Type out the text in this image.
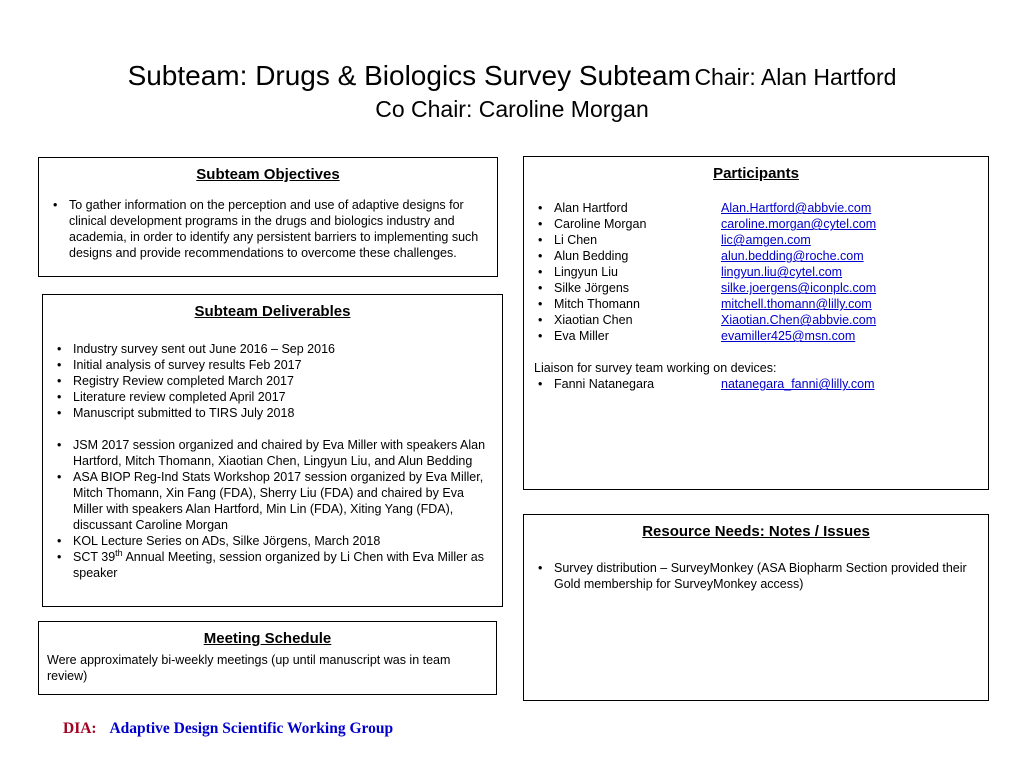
Subteam: Drugs & Biologics Survey Subteam Chair: Alan Hartford
Co Chair: Caroline Morgan
Subteam Objectives
• To gather information on the perception and use of adaptive designs for clinical development programs in the drugs and biologics industry and academia, in order to identify any persistent barriers to implementing such designs and provide recommendations to overcome these challenges.
Subteam Deliverables
• Industry survey sent out June 2016 – Sep 2016
• Initial analysis of survey results Feb 2017
• Registry Review completed March 2017
• Literature review completed April 2017
• Manuscript submitted to TIRS July 2018
• JSM 2017 session organized and chaired by Eva Miller with speakers Alan Hartford, Mitch Thomann, Xiaotian Chen, Lingyun Liu, and Alun Bedding
• ASA BIOP Reg-Ind Stats Workshop 2017 session organized by Eva Miller, Mitch Thomann, Xin Fang (FDA), Sherry Liu (FDA) and chaired by Eva Miller with speakers Alan Hartford, Min Lin (FDA), Xiting Yang (FDA), discussant Caroline Morgan
• KOL Lecture Series on ADs, Silke Jörgens, March 2018
• SCT 39th Annual Meeting, session organized by Li Chen with Eva Miller as speaker
Meeting Schedule
Were approximately bi-weekly meetings (up until manuscript was in team review)
Participants
• Alan Hartford	Alan.Hartford@abbvie.com
• Caroline Morgan	caroline.morgan@cytel.com
• Li Chen	lic@amgen.com
• Alun Bedding	alun.bedding@roche.com
• Lingyun Liu	lingyun.liu@cytel.com
• Silke Jörgens	silke.joergens@iconplc.com
• Mitch Thomann	mitchell.thomann@lilly.com
• Xiaotian Chen	Xiaotian.Chen@abbvie.com
• Eva Miller	evamiller425@msn.com
Liaison for survey team working on devices:
• Fanni Natanegara	natanegara_fanni@lilly.com
Resource Needs: Notes / Issues
• Survey distribution – SurveyMonkey (ASA Biopharm Section provided their Gold membership for SurveyMonkey access)
DIA: Adaptive Design Scientific Working Group
